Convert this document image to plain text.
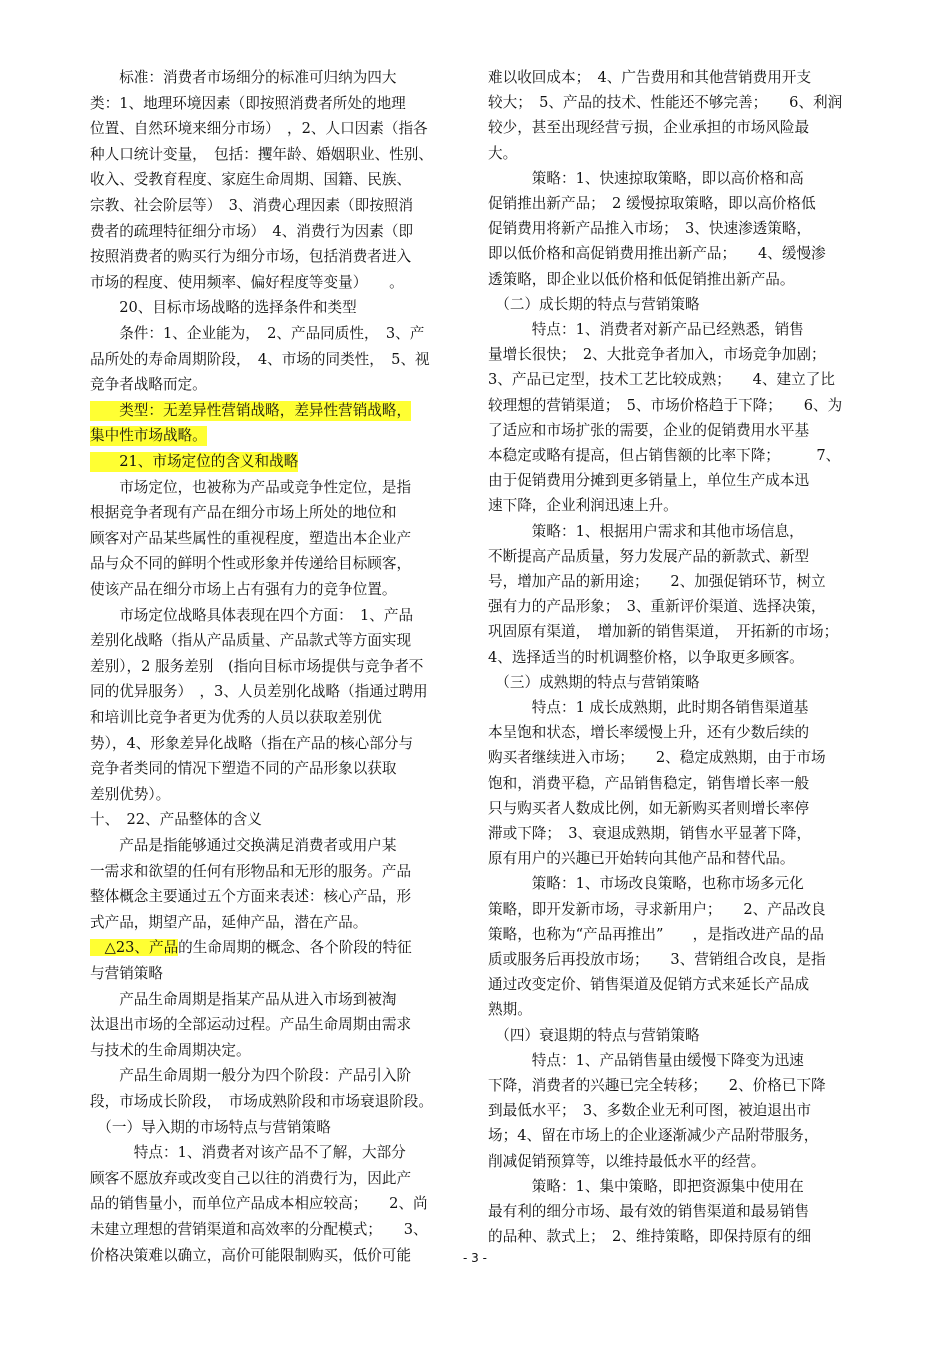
　　标准：消费者市场细分的标准可归纳为四大
类：1、地理环境因素（即按照消费者所处的地理
位置、自然环境来细分市场）　，2、人口因素（指各
种人口统计变量，　包括：攫年龄、婚姻职业、性别、
收入、受教育程度、家庭生命周期、国籍、民族、
宗教、社会阶层等）　3、消费心理因素（即按照消
费者的疏理特征细分市场）　4、消费行为因素（即
按照消费者的购买行为细分市场，包括消费者进入
市场的程度、使用频率、偏好程度等变量）　　。
　　20、目标市场战略的选择条件和类型
　　条件：1、企业能为，　2、产品同质性，　3、产
品所处的寿命周期阶段，　4、市场的同类性，　5、视
竞争者战略而定。
　　类型：无差异性营销战略，差异性营销战略，
集中性市场战略。
　　21、市场定位的含义和战略
　　市场定位，也被称为产品或竞争性定位，是指
根据竞争者现有产品在细分市场上所处的地位和
顾客对产品某些属性的重视程度，塑造出本企业产
品与众不同的鲜明个性或形象并传递给目标顾客，
使该产品在细分市场上占有强有力的竞争位置。
　　市场定位战略具体表现在四个方面：　1、产品
差别化战略（指从产品质量、产品款式等方面实现
差别），2 服务差别　(指向目标市场提供与竞争者不
同的优异服务）　，3、人员差别化战略（指通过聘用
和培训比竞争者更为优秀的人员以获取差别优
势），4、形象差异化战略（指在产品的核心部分与
竞争者类同的情况下塑造不同的产品形象以获取
差别优势）。
十、　22、产品整体的含义
　　产品是指能够通过交换满足消费者或用户某
一需求和欲望的任何有形物品和无形的服务。产品
整体概念主要通过五个方面来表述：核心产品，形
式产品，期望产品，延伸产品，潜在产品。
　△23、产品的生命周期的概念、各个阶段的特征
与营销策略
　　产品生命周期是指某产品从进入市场到被淘
汰退出市场的全部运动过程。产品生命周期由需求
与技术的生命周期决定。
　　产品生命周期一般分为四个阶段：产品引入阶
段，市场成长阶段，　市场成熟阶段和市场衰退阶段。
　（一）导入期的市场特点与营销策略
　　　特点：1、消费者对该产品不了解，大部分
顾客不愿放弃或改变自己以往的消费行为，因此产
品的销售量小，而单位产品成本相应较高；　　2、尚
未建立理想的营销渠道和高效率的分配模式；　　3、
价格决策难以确立，高价可能限制购买，低价可能
难以收回成本；　4、广告费用和其他营销费用开支
较大；　5、产品的技术、性能还不够完善；　　6、利润
较少，甚至出现经营亏损，企业承担的市场风险最
大。
　　　策略：1、快速掠取策略，即以高价格和高
促销推出新产品；　2 缓慢掠取策略，即以高价格低
促销费用将新产品推入市场；　3、快速渗透策略，
即以低价格和高促销费用推出新产品；　　4、缓慢渗
透策略，即企业以低价格和低促销推出新产品。
　（二）成长期的特点与营销策略
　　　特点：1、消费者对新产品已经熟悉，销售
量增长很快；　2、大批竞争者加入，市场竞争加剧；
3、产品已定型，技术工艺比较成熟；　　4、建立了比
较理想的营销渠道；　5、市场价格趋于下降；　　6、为
了适应和市场扩张的需要，企业的促销费用水平基
本稳定或略有提高，但占销售额的比率下降；　　　7、
由于促销费用分摊到更多销量上，单位生产成本迅
速下降，企业利润迅速上升。
　　　策略：1、根据用户需求和其他市场信息，
不断提高产品质量，努力发展产品的新款式、新型
号，增加产品的新用途；　　2、加强促销环节，树立
强有力的产品形象；　3、重新评价渠道、选择决策，
巩固原有渠道，　增加新的销售渠道，　开拓新的市场；
4、选择适当的时机调整价格，以争取更多顾客。
　（三）成熟期的特点与营销策略
　　　特点：1 成长成熟期，此时期各销售渠道基
本呈饱和状态，增长率缓慢上升，还有少数后续的
购买者继续进入市场；　　2、稳定成熟期，由于市场
饱和，消费平稳，产品销售稳定，销售增长率一般
只与购买者人数成比例，如无新购买者则增长率停
滞或下降；　3、衰退成熟期，销售水平显著下降，
原有用户的兴趣已开始转向其他产品和替代品。
　　　策略：1、市场改良策略，也称市场多元化
策略，即开发新市场，寻求新用户；　　2、产品改良
策略，也称为“产品再推出”　　，是指改进产品的品
质或服务后再投放市场；　　3、营销组合改良，是指
通过改变定价、销售渠道及促销方式来延长产品成
熟期。
　（四）衰退期的特点与营销策略
　　　特点：1、产品销售量由缓慢下降变为迅速
下降，消费者的兴趣已完全转移；　　2、价格已下降
到最低水平；　3、多数企业无利可图，被迫退出市
场；4、留在市场上的企业逐渐减少产品附带服务，
削减促销预算等，以维持最低水平的经营。
　　　策略：1、集中策略，即把资源集中使用在
最有利的细分市场、最有效的销售渠道和最易销售
的品种、款式上；　2、维持策略，即保持原有的细
- 3 -
